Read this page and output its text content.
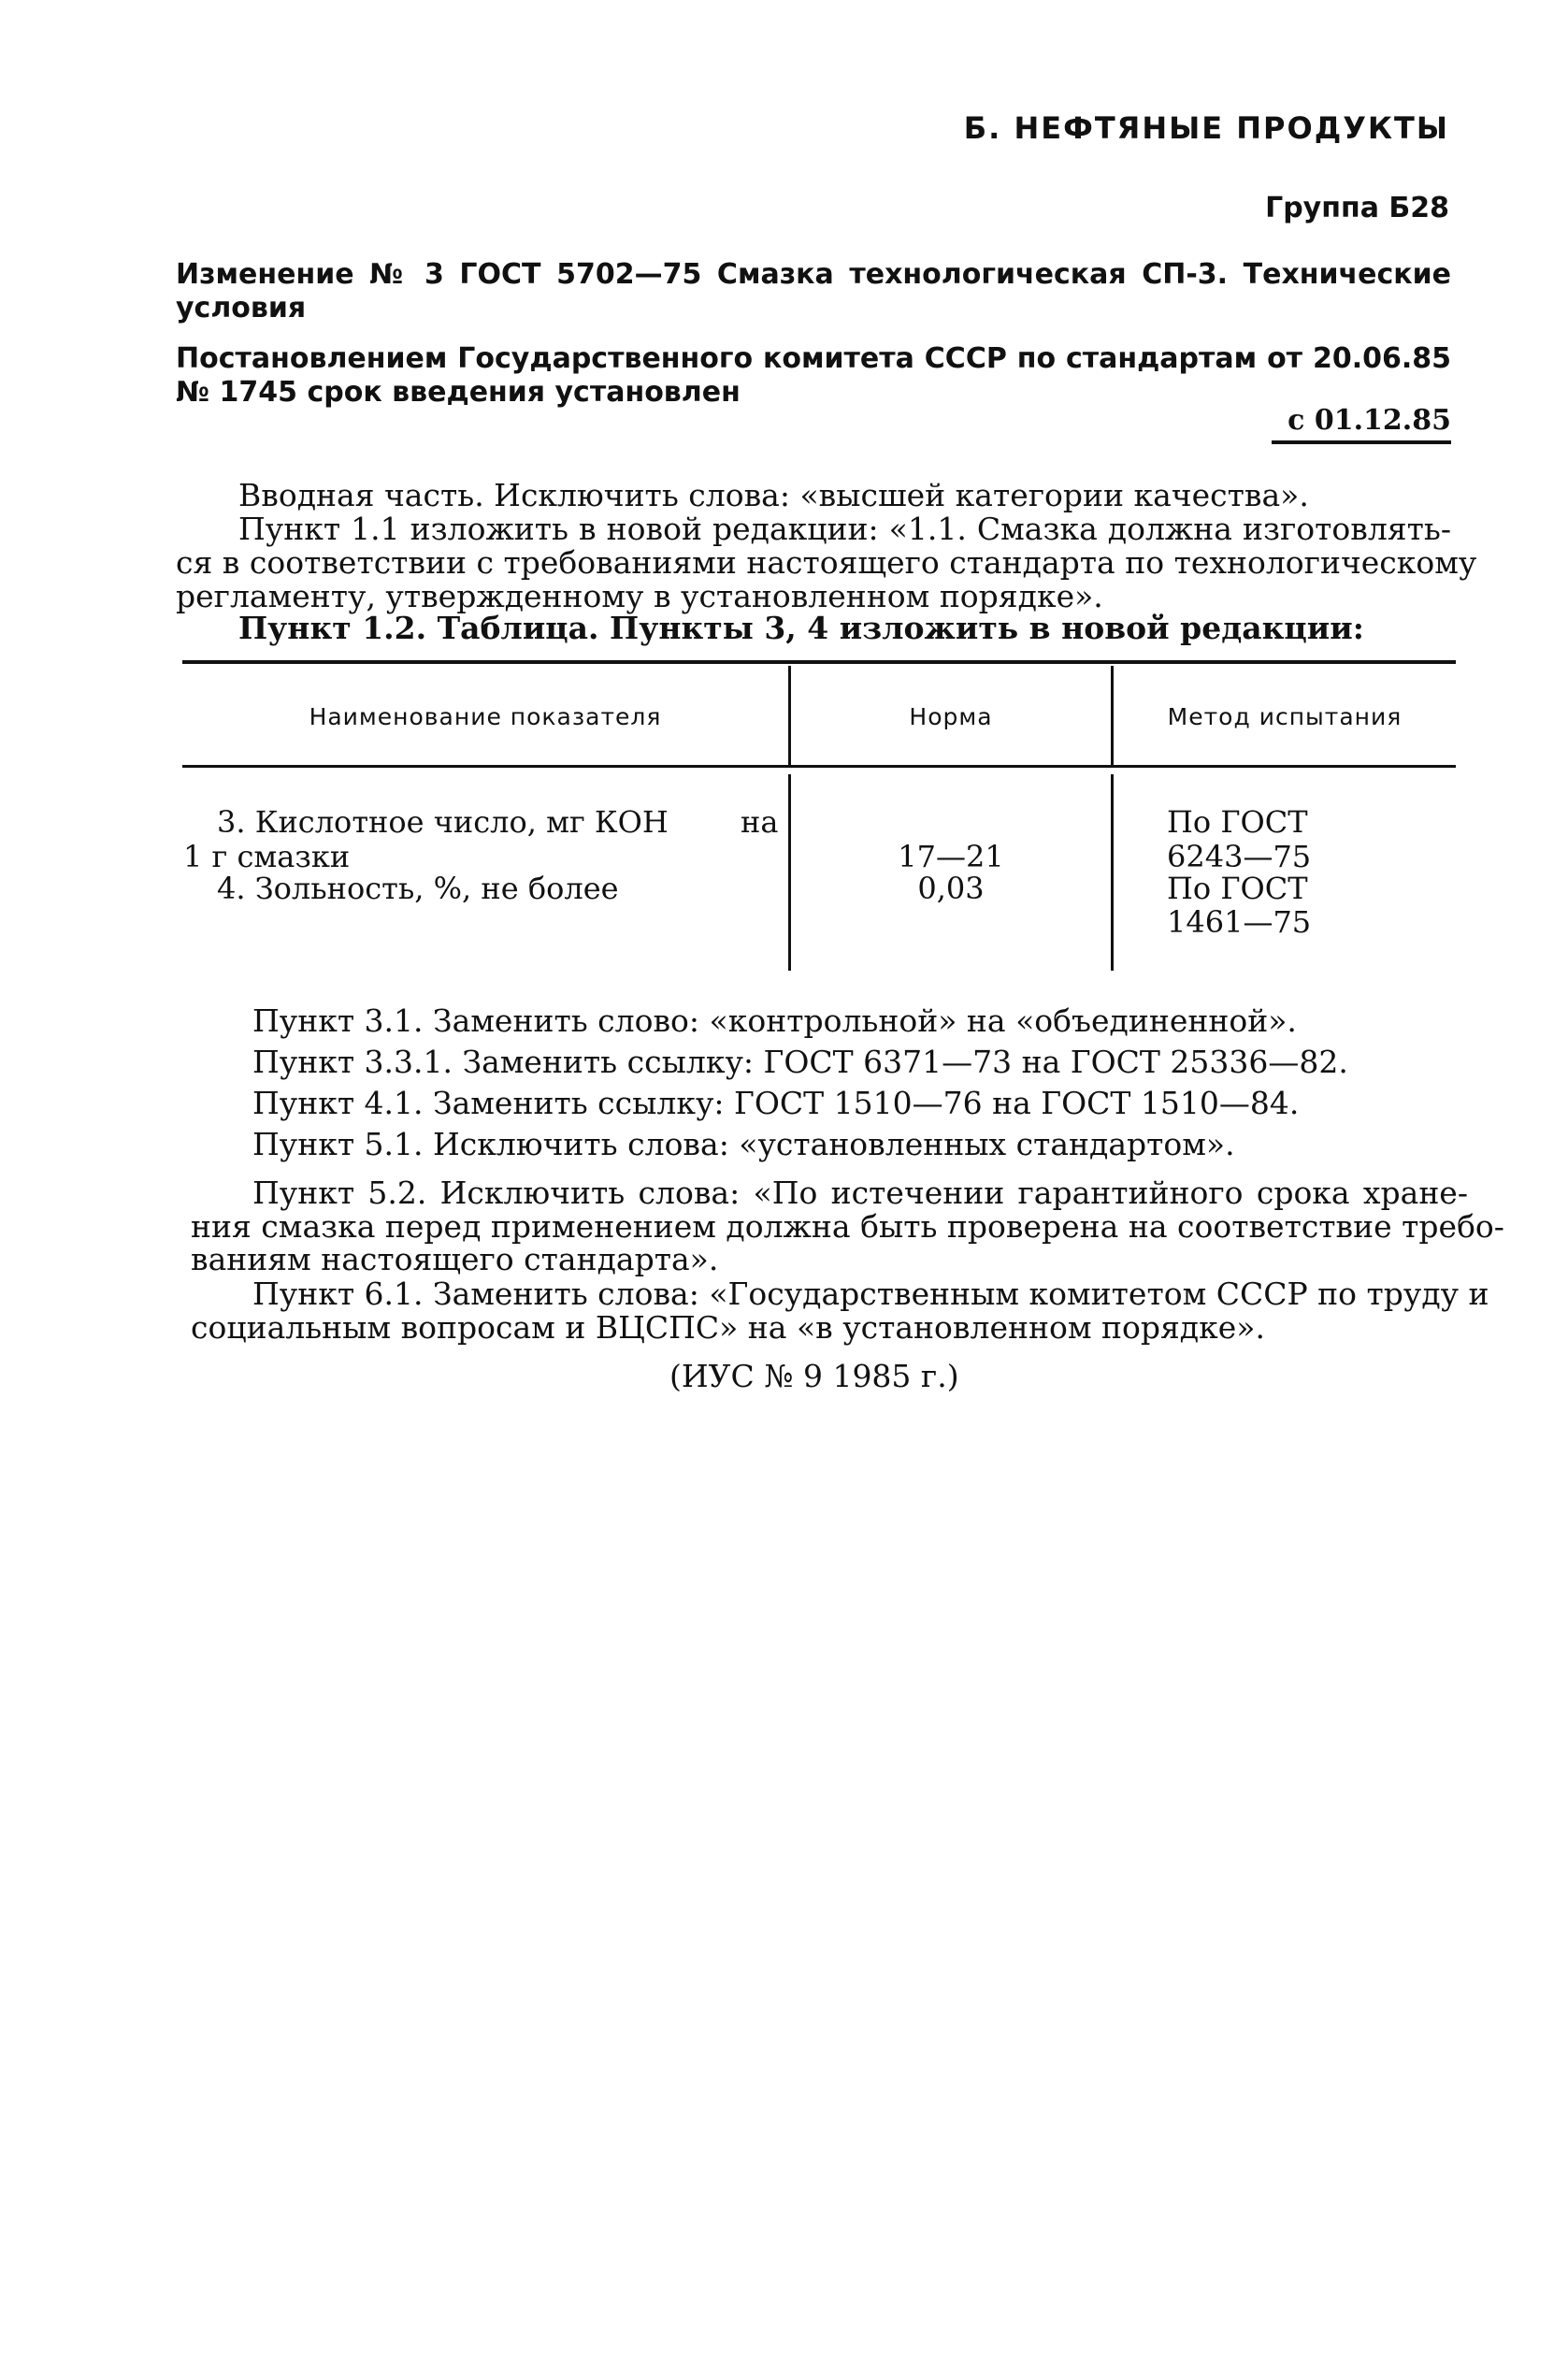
Б. НЕФТЯНЫЕ ПРОДУКТЫ
Группа Б28
Изменение № 3 ГОСТ 5702—75 Смазка технологическая СП-3. Технические
условия
Постановлением Государственного комитета СССР по стандартам от 20.06.85
№ 1745 срок введения установлен
с 01.12.85
Вводная часть. Исключить слова: «высшей категории качества».
Пункт 1.1 изложить в новой редакции: «1.1. Смазка должна изготовлять-
ся в соответствии с требованиями настоящего стандарта по технологическому
регламенту, утвержденному в установленном порядке».
Пункт 1.2. Таблица. Пункты 3, 4 изложить в новой редакции:
Наименование показателя	Норма	Метод испытания
3. Кислотное число, мг КОН на
1 г смазки
4. Зольность, %, не более
17—21
0,03
По ГОСТ
6243—75
По ГОСТ
1461—75
Пункт 3.1. Заменить слово: «контрольной» на «объединенной».
Пункт 3.3.1. Заменить ссылку: ГОСТ 6371—73 на ГОСТ 25336—82.
Пункт 4.1. Заменить ссылку: ГОСТ 1510—76 на ГОСТ 1510—84.
Пункт 5.1. Исключить слова: «установленных стандартом».
Пункт 5.2. Исключить слова: «По истечении гарантийного срока хране-
ния смазка перед применением должна быть проверена на соответствие требо-
ваниям настоящего стандарта».
Пункт 6.1. Заменить слова: «Государственным комитетом СССР по труду и
социальным вопросам и ВЦСПС» на «в установленном порядке».
(ИУС № 9 1985 г.)
